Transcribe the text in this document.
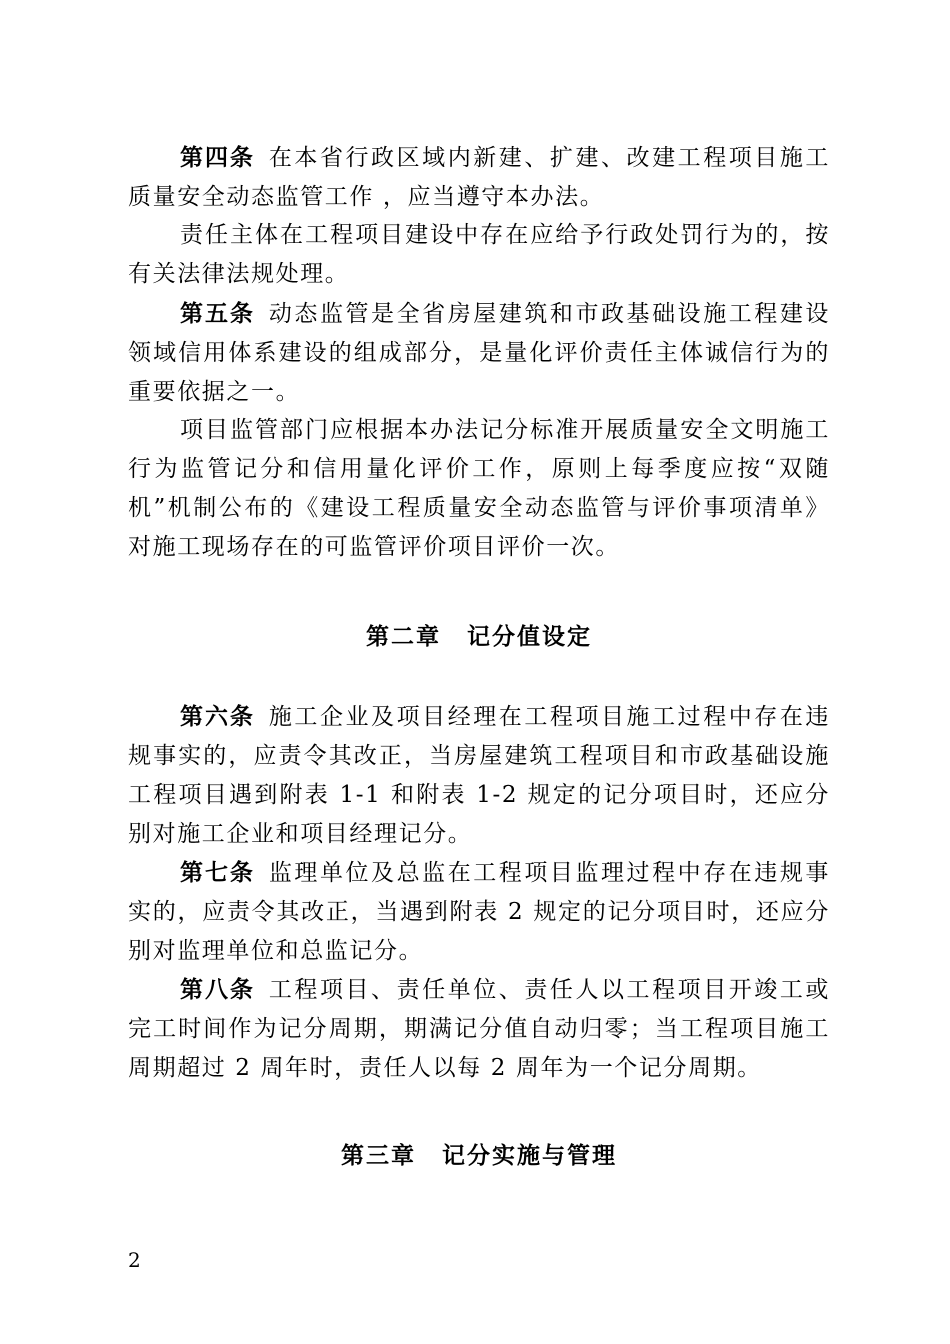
第四条 在本省行政区域内新建、扩建、改建工程项目施工质量安全动态监管工作 ，应当遵守本办法。

责任主体在工程项目建设中存在应给予行政处罚行为的，按有关法律法规处理。

第五条 动态监管是全省房屋建筑和市政基础设施工程建设领域信用体系建设的组成部分，是量化评价责任主体诚信行为的重要依据之一。

项目监管部门应根据本办法记分标准开展质量安全文明施工行为监管记分和信用量化评价工作，原则上每季度应按“双随机”机制公布的《建设工程质量安全动态监管与评价事项清单》对施工现场存在的可监管评价项目评价一次。

第二章 记分值设定

第六条 施工企业及项目经理在工程项目施工过程中存在违规事实的，应责令其改正，当房屋建筑工程项目和市政基础设施工程项目遇到附表 1-1 和附表 1-2 规定的记分项目时，还应分别对施工企业和项目经理记分。

第七条 监理单位及总监在工程项目监理过程中存在违规事实的，应责令其改正，当遇到附表 2 规定的记分项目时，还应分别对监理单位和总监记分。

第八条 工程项目、责任单位、责任人以工程项目开竣工或完工时间作为记分周期，期满记分值自动归零；当工程项目施工周期超过 2 周年时，责任人以每 2 周年为一个记分周期。

第三章 记分实施与管理
2
